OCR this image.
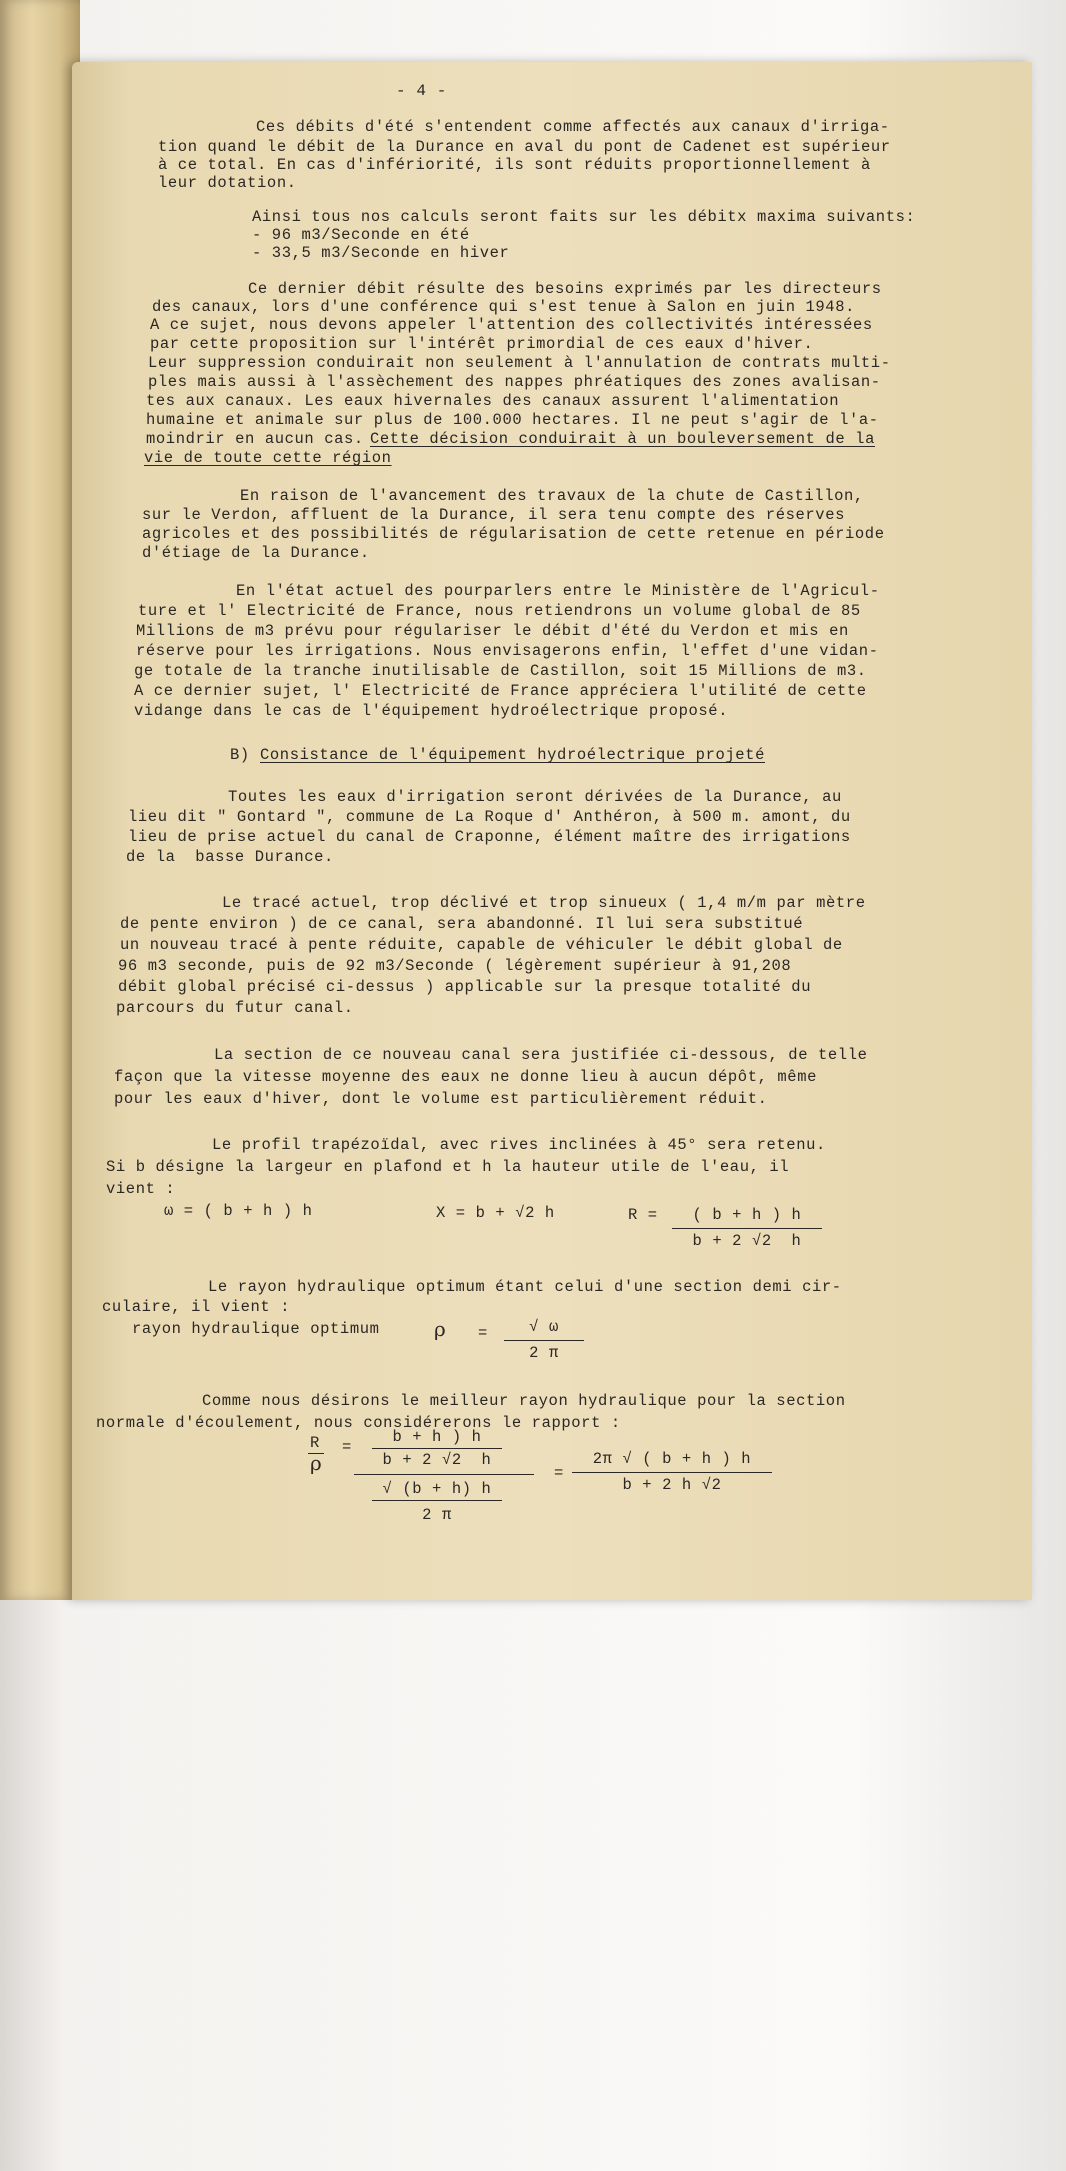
- 4 -

Ces débits d'été s'entendent comme affectés aux canaux d'irriga-

tion quand le débit de la Durance en aval du pont de Cadenet est supérieur

à ce total. En cas d'infériorité, ils sont réduits proportionnellement à

leur dotation.

Ainsi tous nos calculs seront faits sur les débitx maxima suivants:

- 96 m3/Seconde en été

- 33,5 m3/Seconde en hiver

Ce dernier débit résulte des besoins exprimés par les directeurs

des canaux, lors d'une conférence qui s'est tenue à Salon en juin 1948.

A ce sujet, nous devons appeler l'attention des collectivités intéressées

par cette proposition sur l'intérêt primordial de ces eaux d'hiver.

Leur suppression conduirait non seulement à l'annulation de contrats multi-

ples mais aussi à l'assèchement des nappes phréatiques des zones avalisan-

tes aux canaux. Les eaux hivernales des canaux assurent l'alimentation

humaine et animale sur plus de 100.000 hectares. Il ne peut s'agir de l'a-

moindrir en aucun cas.

Cette décision conduirait à un bouleversement de la

vie de toute cette région

En raison de l'avancement des travaux de la chute de Castillon,

sur le Verdon, affluent de la Durance, il sera tenu compte des réserves

agricoles et des possibilités de régularisation de cette retenue en période

d'étiage de la Durance.

En l'état actuel des pourparlers entre le Ministère de l'Agricul-

ture et l' Electricité de France, nous retiendrons un volume global de 85

Millions de m3 prévu pour régulariser le débit d'été du Verdon et mis en

réserve pour les irrigations. Nous envisagerons enfin, l'effet d'une vidan-

ge totale de la tranche inutilisable de Castillon, soit 15 Millions de m3.

A ce dernier sujet, l' Electricité de France appréciera l'utilité de cette

vidange dans le cas de l'équipement hydroélectrique proposé.

B)

Consistance de l'équipement hydroélectrique projeté

Toutes les eaux d'irrigation seront dérivées de la Durance, au

lieu dit " Gontard ", commune de La Roque d' Anthéron, à 500 m. amont, du

lieu de prise actuel du canal de Craponne, élément maître des irrigations

de la  basse Durance.

Le tracé actuel, trop déclivé et trop sinueux ( 1,4 m/m par mètre

de pente environ ) de ce canal, sera abandonné. Il lui sera substitué

un nouveau tracé à pente réduite, capable de véhiculer le débit global de

96 m3 seconde, puis de 92 m3/Seconde ( légèrement supérieur à 91,208

débit global précisé ci-dessus ) applicable sur la presque totalité du

parcours du futur canal.

La section de ce nouveau canal sera justifiée ci-dessous, de telle

façon que la vitesse moyenne des eaux ne donne lieu à aucun dépôt, même

pour les eaux d'hiver, dont le volume est particulièrement réduit.

Le profil trapézoïdal, avec rives inclinées à 45° sera retenu.

Si b désigne la largeur en plafond et h la hauteur utile de l'eau, il

vient :

ω = ( b + h ) h

	X = b + √2 h

	R =

	( b + h ) h

b + 2 √2  h

Le rayon hydraulique optimum étant celui d'une section demi cir-

culaire, il vient :

rayon hydraulique optimum

	ρ

=

	√ ω

2 π

Comme nous désirons le meilleur rayon hydraulique pour la section

normale d'écoulement, nous considérerons le rapport :

R

ρ

=

b + h ) h

b + 2 √2  h

√ (b + h) h

2 π

=

2π √ ( b + h ) h

b + 2 h √2
